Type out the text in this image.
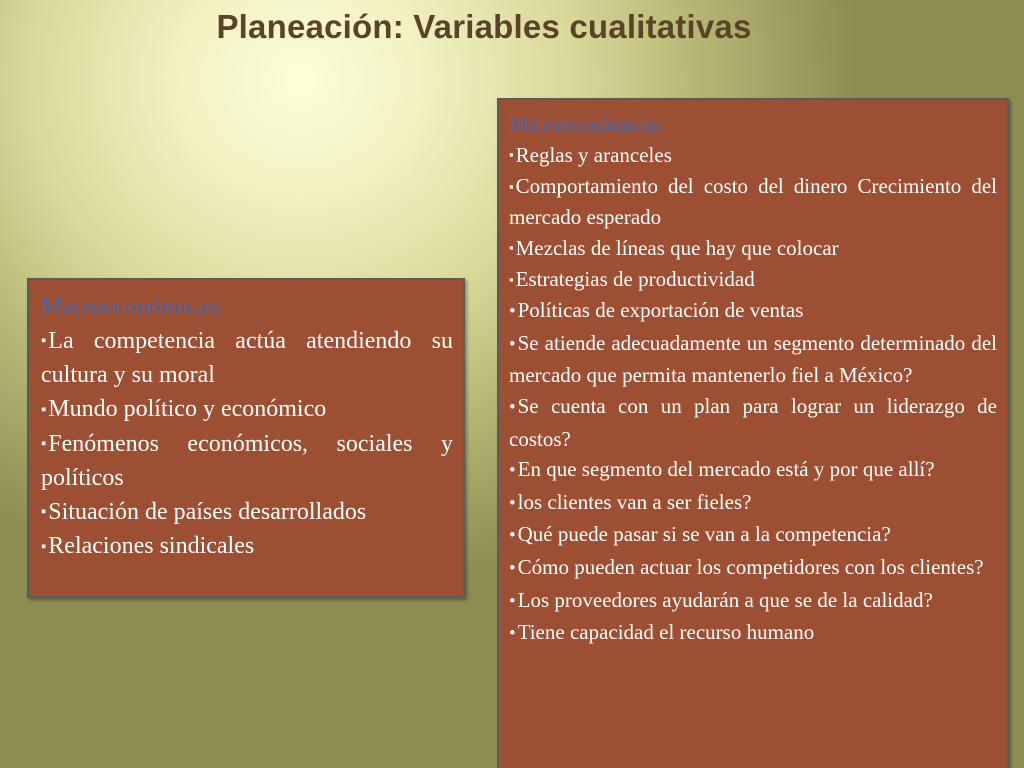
Planeación: Variables cualitativas
Macroeconómicas:
▪La competencia actúa atendiendo su cultura y su moral
▪Mundo político y económico
▪Fenómenos económicos, sociales y políticos
▪Situación de países desarrollados
▪Relaciones sindicales
Microeconómicas:
▪Reglas y aranceles
▪Comportamiento del costo del dinero Crecimiento del mercado esperado
▪Mezclas de líneas que hay que colocar
▪Estrategias de productividad
•Políticas de exportación de ventas
•Se atiende adecuadamente un segmento determinado del mercado que permita mantenerlo fiel a México?
•Se cuenta con un plan para lograr un liderazgo de costos?
•En que segmento del mercado está y por que allí?
•los clientes van a ser fieles?
•Qué puede pasar si se van a la competencia?
•Cómo pueden actuar los competidores con los clientes?
•Los proveedores ayudarán a que se de la calidad?
•Tiene capacidad el recurso humano
